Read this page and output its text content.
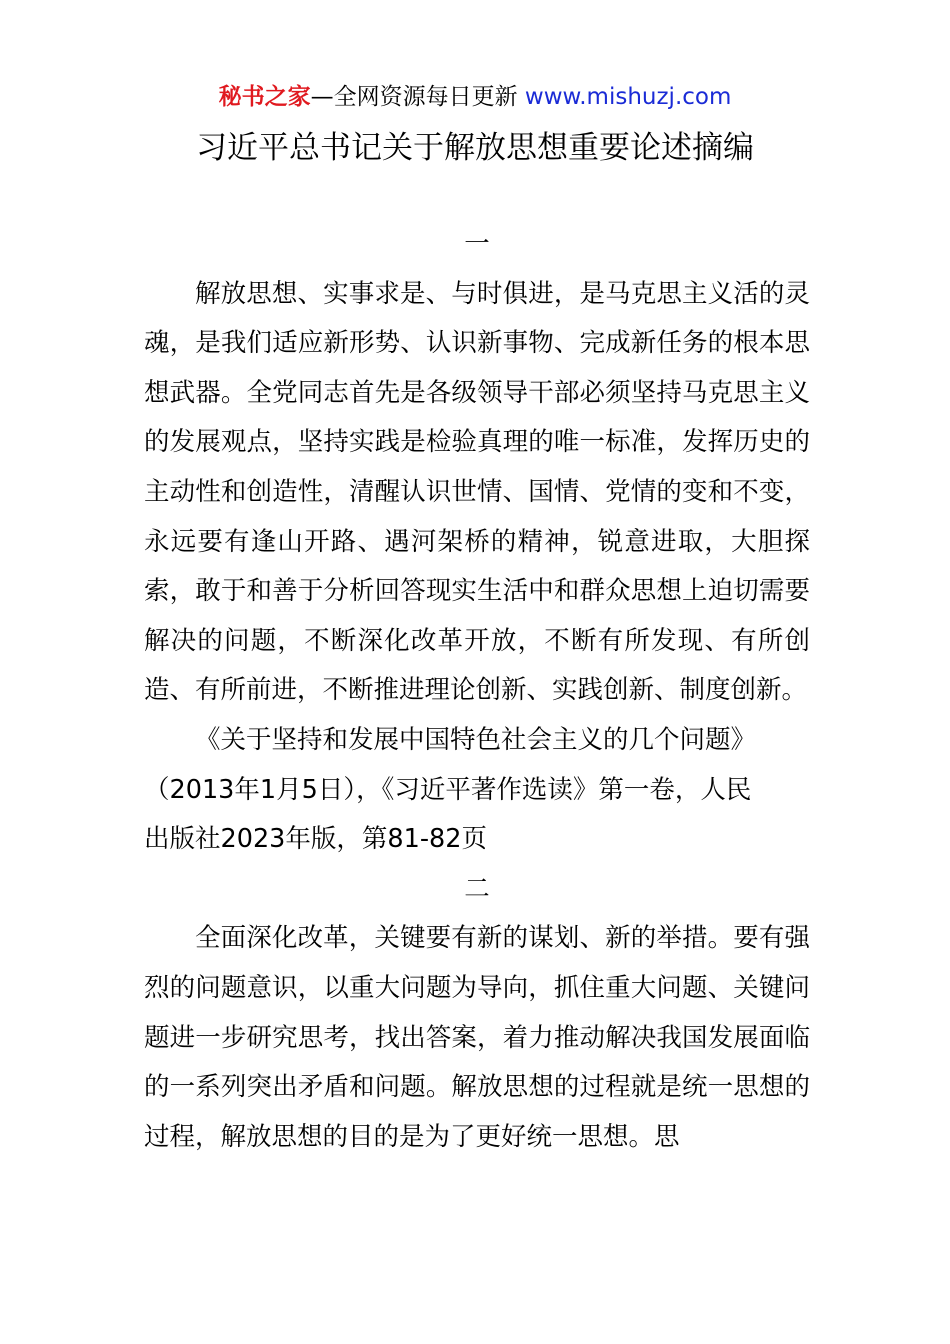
秘书之家—全网资源每日更新 www.mishuzj.com
习近平总书记关于解放思想重要论述摘编

一

解放思想、实事求是、与时俱进，是马克思主义活的灵魂，是我们适应新形势、认识新事物、完成新任务的根本思想武器。全党同志首先是各级领导干部必须坚持马克思主义的发展观点，坚持实践是检验真理的唯一标准，发挥历史的主动性和创造性，清醒认识世情、国情、党情的变和不变，永远要有逢山开路、遇河架桥的精神，锐意进取，大胆探索，敢于和善于分析回答现实生活中和群众思想上迫切需要解决的问题，不断深化改革开放，不断有所发现、有所创造、有所前进，不断推进理论创新、实践创新、制度创新。

《关于坚持和发展中国特色社会主义的几个问题》

（2013年1月5日），《习近平著作选读》第一卷，人民

出版社2023年版，第81-82页

二

全面深化改革，关键要有新的谋划、新的举措。要有强烈的问题意识，以重大问题为导向，抓住重大问题、关键问题进一步研究思考，找出答案，着力推动解决我国发展面临的一系列突出矛盾和问题。解放思想的过程就是统一思想的过程，解放思想的目的是为了更好统一思想。思
